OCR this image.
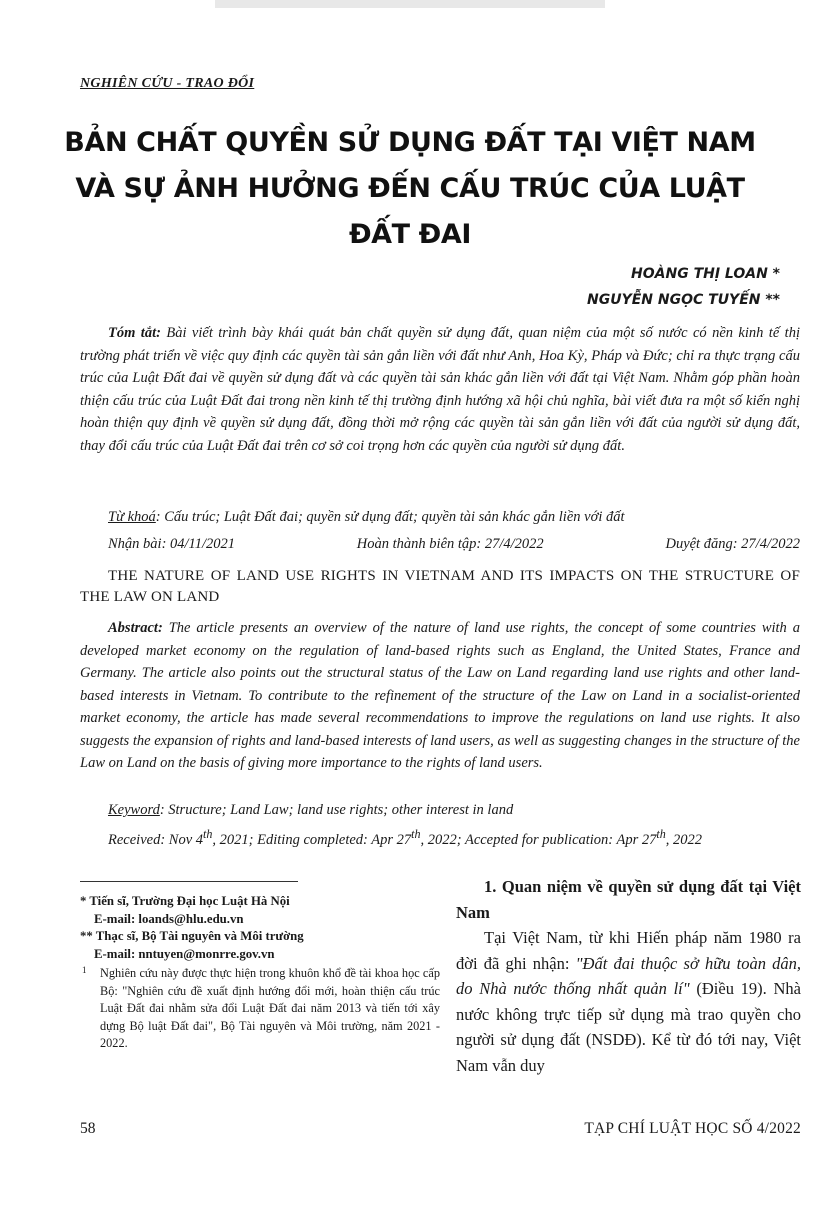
NGHIÊN CỨU - TRAO ĐỔI
BẢN CHẤT QUYỀN SỬ DỤNG ĐẤT TẠI VIỆT NAM
VÀ SỰ ẢNH HƯỞNG ĐẾN CẤU TRÚC CỦA LUẬT ĐẤT ĐAI
HOÀNG THỊ LOAN *
NGUYỄN NGỌC TUYẾN **
Tóm tắt: Bài viết trình bày khái quát bản chất quyền sử dụng đất, quan niệm của một số nước có nền kinh tế thị trường phát triển về việc quy định các quyền tài sản gắn liền với đất như Anh, Hoa Kỳ, Pháp và Đức; chỉ ra thực trạng cấu trúc của Luật Đất đai về quyền sử dụng đất và các quyền tài sản khác gắn liền với đất tại Việt Nam. Nhằm góp phần hoàn thiện cấu trúc của Luật Đất đai trong nền kinh tế thị trường định hướng xã hội chủ nghĩa, bài viết đưa ra một số kiến nghị hoàn thiện quy định về quyền sử dụng đất, đồng thời mở rộng các quyền tài sản gắn liền với đất của người sử dụng đất, thay đổi cấu trúc của Luật Đất đai trên cơ sở coi trọng hơn các quyền của người sử dụng đất.
Từ khoá: Cấu trúc; Luật Đất đai; quyền sử dụng đất; quyền tài sản khác gắn liền với đất
Nhận bài: 04/11/2021	Hoàn thành biên tập: 27/4/2022	Duyệt đăng: 27/4/2022
THE NATURE OF LAND USE RIGHTS IN VIETNAM AND ITS IMPACTS ON THE STRUCTURE OF THE LAW ON LAND
Abstract: The article presents an overview of the nature of land use rights, the concept of some countries with a developed market economy on the regulation of land-based rights such as England, the United States, France and Germany. The article also points out the structural status of the Law on Land regarding land use rights and other land-based interests in Vietnam. To contribute to the refinement of the structure of the Law on Land in a socialist-oriented market economy, the article has made several recommendations to improve the regulations on land use rights. It also suggests the expansion of rights and land-based interests of land users, as well as suggesting changes in the structure of the Law on Land on the basis of giving more importance to the rights of land users.
Keyword: Structure; Land Law; land use rights; other interest in land
Received: Nov 4th, 2021; Editing completed: Apr 27th, 2022; Accepted for publication: Apr 27th, 2022
* Tiến sĩ, Trường Đại học Luật Hà Nội
E-mail: loands@hlu.edu.vn
** Thạc sĩ, Bộ Tài nguyên và Môi trường
E-mail: nntuyen@monrre.gov.vn
1 Nghiên cứu này được thực hiện trong khuôn khổ đề tài khoa học cấp Bộ: "Nghiên cứu đề xuất định hướng đổi mới, hoàn thiện cấu trúc Luật Đất đai nhằm sửa đổi Luật Đất đai năm 2013 và tiến tới xây dựng Bộ luật Đất đai", Bộ Tài nguyên và Môi trường, năm 2021 - 2022.
1. Quan niệm về quyền sử dụng đất tại Việt Nam

Tại Việt Nam, từ khi Hiến pháp năm 1980 ra đời đã ghi nhận: "Đất đai thuộc sở hữu toàn dân, do Nhà nước thống nhất quản lí" (Điều 19). Nhà nước không trực tiếp sử dụng mà trao quyền cho người sử dụng đất (NSDĐ). Kể từ đó tới nay, Việt Nam vẫn duy

58	TẠP CHÍ LUẬT HỌC SỐ 4/2022
